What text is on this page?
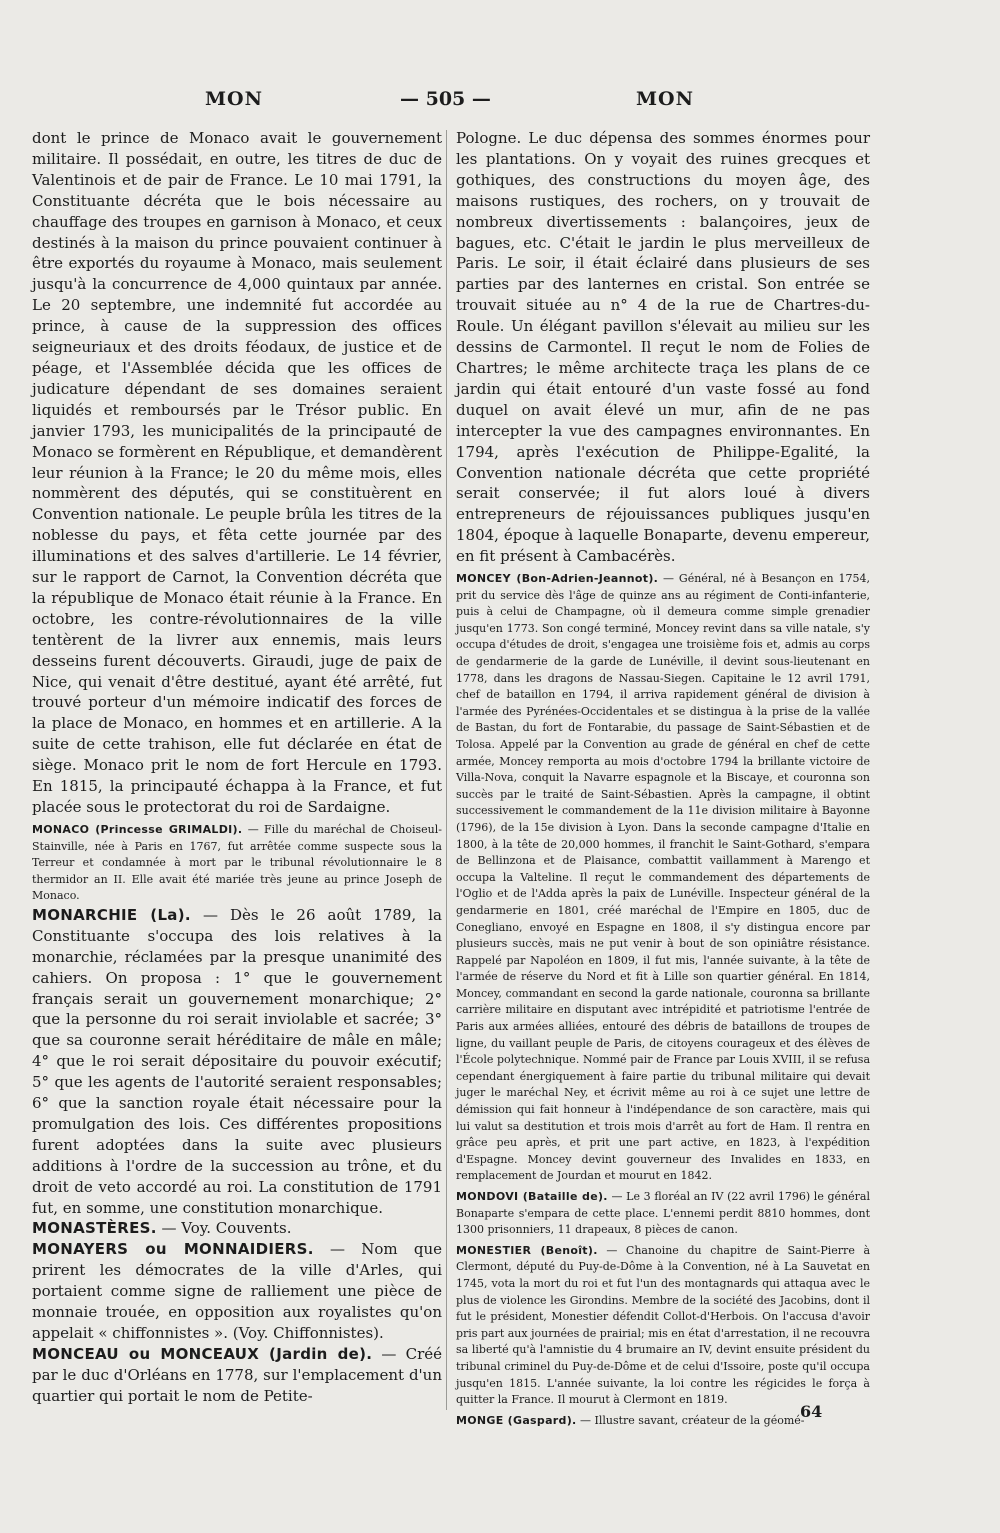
MON	— 505 —	MON

dont le prince de Monaco avait le gouvernement militaire. Il possédait, en outre, les titres de duc de Valentinois et de pair de France. Le 10 mai 1791, la Constituante décréta que le bois nécessaire au chauffage des troupes en garnison à Monaco, et ceux destinés à la maison du prince pouvaient continuer à être exportés du royaume à Monaco, mais seulement jusqu'à la concurrence de 4,000 quintaux par année. Le 20 septembre, une indemnité fut accordée au prince, à cause de la suppression des offices seigneuriaux et des droits féodaux, de justice et de péage, et l'Assemblée décida que les offices de judicature dépendant de ses domaines seraient liquidés et remboursés par le Trésor public. En janvier 1793, les municipalités de la principauté de Monaco se formèrent en République, et demandèrent leur réunion à la France; le 20 du même mois, elles nommèrent des députés, qui se constituèrent en Convention nationale. Le peuple brûla les titres de la noblesse du pays, et fêta cette journée par des illuminations et des salves d'artillerie. Le 14 février, sur le rapport de Carnot, la Convention décréta que la république de Monaco était réunie à la France. En octobre, les contre-révolutionnaires de la ville tentèrent de la livrer aux ennemis, mais leurs desseins furent découverts. Giraudi, juge de paix de Nice, qui venait d'être destitué, ayant été arrêté, fut trouvé porteur d'un mémoire indicatif des forces de la place de Monaco, en hommes et en artillerie. A la suite de cette trahison, elle fut déclarée en état de siège. Monaco prit le nom de fort Hercule en 1793. En 1815, la principauté échappa à la France, et fut placée sous le protectorat du roi de Sardaigne.

MONACO (Princesse GRIMALDI). — Fille du maréchal de Choiseul-Stainville, née à Paris en 1767, fut arrêtée comme suspecte sous la Terreur et condamnée à mort par le tribunal révolutionnaire le 8 thermidor an II. Elle avait été mariée très jeune au prince Joseph de Monaco.

MONARCHIE (La). — Dès le 26 août 1789, la Constituante s'occupa des lois relatives à la monarchie, réclamées par la presque unanimité des cahiers. On proposa : 1° que le gouvernement français serait un gouvernement monarchique; 2° que la personne du roi serait inviolable et sacrée; 3° que sa couronne serait héréditaire de mâle en mâle; 4° que le roi serait dépositaire du pouvoir exécutif; 5° que les agents de l'autorité seraient responsables; 6° que la sanction royale était nécessaire pour la promulgation des lois. Ces différentes propositions furent adoptées dans la suite avec plusieurs additions à l'ordre de la succession au trône, et du droit de veto accordé au roi. La constitution de 1791 fut, en somme, une constitution monarchique.

MONASTÈRES. — Voy. Couvents.

MONAYERS ou MONNAIDIERS. — Nom que prirent les démocrates de la ville d'Arles, qui portaient comme signe de ralliement une pièce de monnaie trouée, en opposition aux royalistes qu'on appelait « chiffonnistes ». (Voy. Chiffonnistes).

MONCEAU ou MONCEAUX (Jardin de). — Créé par le duc d'Orléans en 1778, sur l'emplacement d'un quartier qui portait le nom de Petite-

Pologne. Le duc dépensa des sommes énormes pour les plantations. On y voyait des ruines grecques et gothiques, des constructions du moyen âge, des maisons rustiques, des rochers, on y trouvait de nombreux divertissements : balançoires, jeux de bagues, etc. C'était le jardin le plus merveilleux de Paris. Le soir, il était éclairé dans plusieurs de ses parties par des lanternes en cristal. Son entrée se trouvait située au n° 4 de la rue de Chartres-du-Roule. Un élégant pavillon s'élevait au milieu sur les dessins de Carmontel. Il reçut le nom de Folies de Chartres; le même architecte traça les plans de ce jardin qui était entouré d'un vaste fossé au fond duquel on avait élevé un mur, afin de ne pas intercepter la vue des campagnes environnantes. En 1794, après l'exécution de Philippe-Egalité, la Convention nationale décréta que cette propriété serait conservée; il fut alors loué à divers entrepreneurs de réjouissances publiques jusqu'en 1804, époque à laquelle Bonaparte, devenu empereur, en fit présent à Cambacérès.

MONCEY (Bon-Adrien-Jeannot). — Général, né à Besançon en 1754, prit du service dès l'âge de quinze ans au régiment de Conti-infanterie, puis à celui de Champagne, où il demeura comme simple grenadier jusqu'en 1773. Son congé terminé, Moncey revint dans sa ville natale, s'y occupa d'études de droit, s'engagea une troisième fois et, admis au corps de gendarmerie de la garde de Lunéville, il devint sous-lieutenant en 1778, dans les dragons de Nassau-Siegen. Capitaine le 12 avril 1791, chef de bataillon en 1794, il arriva rapidement général de division à l'armée des Pyrénées-Occidentales et se distingua à la prise de la vallée de Bastan, du fort de Fontarabie, du passage de Saint-Sébastien et de Tolosa. Appelé par la Convention au grade de général en chef de cette armée, Moncey remporta au mois d'octobre 1794 la brillante victoire de Villa-Nova, conquit la Navarre espagnole et la Biscaye, et couronna son succès par le traité de Saint-Sébastien. Après la campagne, il obtint successivement le commandement de la 11e division militaire à Bayonne (1796), de la 15e division à Lyon. Dans la seconde campagne d'Italie en 1800, à la tête de 20,000 hommes, il franchit le Saint-Gothard, s'empara de Bellinzona et de Plaisance, combattit vaillamment à Marengo et occupa la Valteline. Il reçut le commandement des départements de l'Oglio et de l'Adda après la paix de Lunéville. Inspecteur général de la gendarmerie en 1801, créé maréchal de l'Empire en 1805, duc de Conegliano, envoyé en Espagne en 1808, il s'y distingua encore par plusieurs succès, mais ne put venir à bout de son opiniâtre résistance. Rappelé par Napoléon en 1809, il fut mis, l'année suivante, à la tête de l'armée de réserve du Nord et fit à Lille son quartier général. En 1814, Moncey, commandant en second la garde nationale, couronna sa brillante carrière militaire en disputant avec intrépidité et patriotisme l'entrée de Paris aux armées alliées, entouré des débris de bataillons de troupes de ligne, du vaillant peuple de Paris, de citoyens courageux et des élèves de l'École polytechnique. Nommé pair de France par Louis XVIII, il se refusa cependant énergiquement à faire partie du tribunal militaire qui devait juger le maréchal Ney, et écrivit même au roi à ce sujet une lettre de démission qui fait honneur à l'indépendance de son caractère, mais qui lui valut sa destitution et trois mois d'arrêt au fort de Ham. Il rentra en grâce peu après, et prit une part active, en 1823, à l'expédition d'Espagne. Moncey devint gouverneur des Invalides en 1833, en remplacement de Jourdan et mourut en 1842.

MONDOVI (Bataille de). — Le 3 floréal an IV (22 avril 1796) le général Bonaparte s'empara de cette place. L'ennemi perdit 8810 hommes, dont 1300 prisonniers, 11 drapeaux, 8 pièces de canon.

MONESTIER (Benoît). — Chanoine du chapitre de Saint-Pierre à Clermont, député du Puy-de-Dôme à la Convention, né à La Sauvetat en 1745, vota la mort du roi et fut l'un des montagnards qui attaqua avec le plus de violence les Girondins. Membre de la société des Jacobins, dont il fut le président, Monestier défendit Collot-d'Herbois. On l'accusa d'avoir pris part aux journées de prairial; mis en état d'arrestation, il ne recouvra sa liberté qu'à l'amnistie du 4 brumaire an IV, devint ensuite président du tribunal criminel du Puy-de-Dôme et de celui d'Issoire, poste qu'il occupa jusqu'en 1815. L'année suivante, la loi contre les régicides le força à quitter la France. Il mourut à Clermont en 1819.

MONGE (Gaspard). — Illustre savant, créateur de la géomé-

64
